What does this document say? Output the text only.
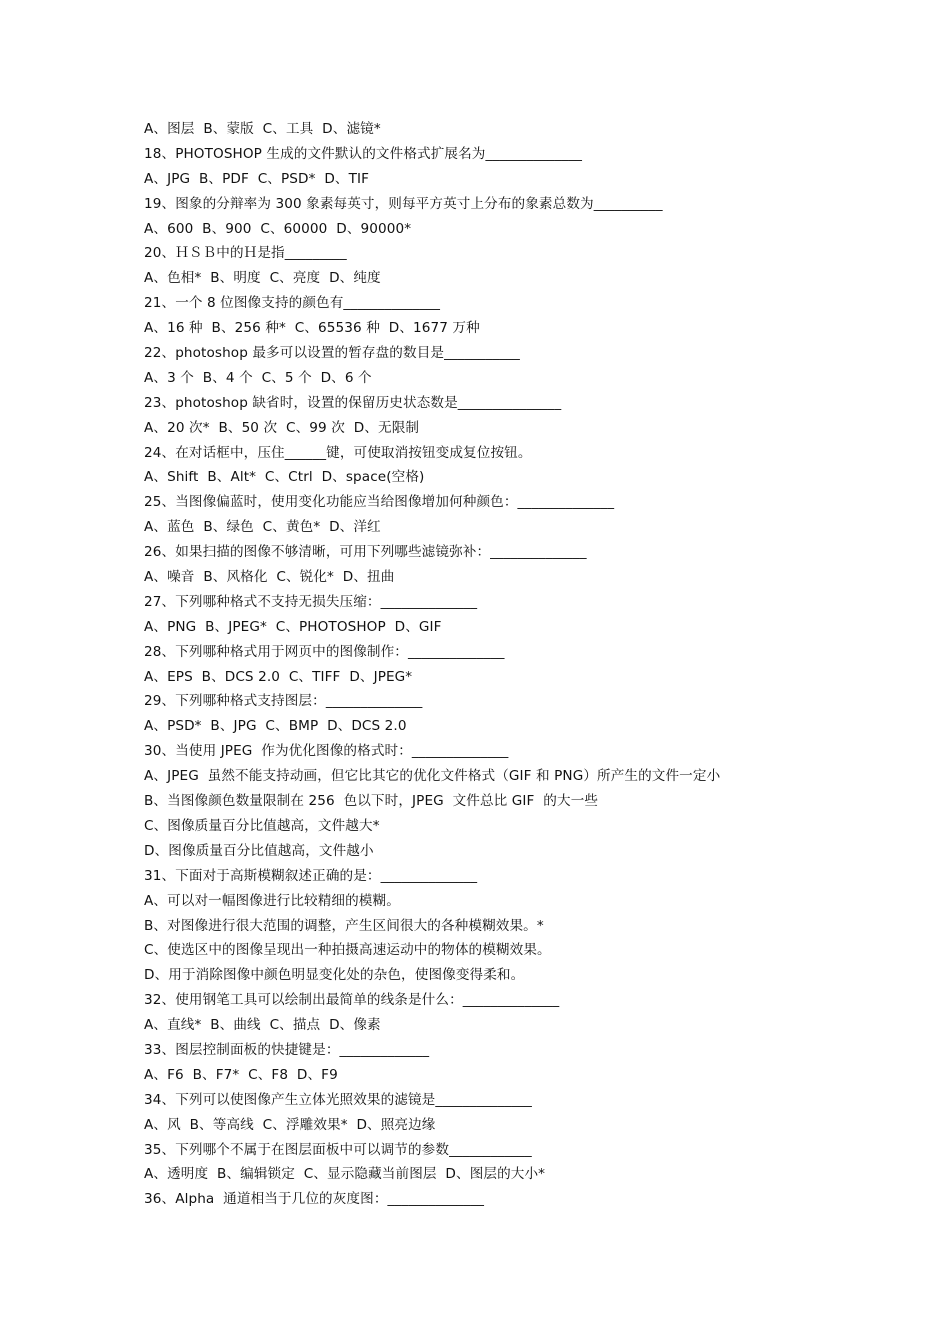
A、图层  B、蒙版  C、工具  D、滤镜*
18、PHOTOSHOP 生成的文件默认的文件格式扩展名为______________
A、JPG  B、PDF  C、PSD*  D、TIF
19、图象的分辩率为 300 象素每英寸，则每平方英寸上分布的象素总数为__________
A、600  B、900  C、60000  D、90000*
20、ＨＳＢ中的Ｈ是指_________
A、色相*  B、明度  C、亮度  D、纯度
21、一个 8 位图像支持的颜色有______________
A、16 种  B、256 种*  C、65536 种  D、1677 万种
22、photoshop 最多可以设置的暂存盘的数目是___________
A、3 个  B、4 个  C、5 个  D、6 个
23、photoshop 缺省时，设置的保留历史状态数是_______________
A、20 次*  B、50 次  C、99 次  D、无限制
24、在对话框中，压住______键，可使取消按钮变成复位按钮。
A、Shift  B、Alt*  C、Ctrl  D、space(空格)
25、当图像偏蓝时，使用变化功能应当给图像增加何种颜色：______________
A、蓝色  B、绿色  C、黄色*  D、洋红
26、如果扫描的图像不够清晰，可用下列哪些滤镜弥补：______________
A、噪音  B、风格化  C、锐化*  D、扭曲
27、下列哪种格式不支持无损失压缩：______________
A、PNG  B、JPEG*  C、PHOTOSHOP  D、GIF
28、下列哪种格式用于网页中的图像制作：______________
A、EPS  B、DCS 2.0  C、TIFF  D、JPEG*
29、下列哪种格式支持图层：______________
A、PSD*  B、JPG  C、BMP  D、DCS 2.0
30、当使用 JPEG  作为优化图像的格式时：______________
A、JPEG  虽然不能支持动画，但它比其它的优化文件格式（GIF 和 PNG）所产生的文件一定小
B、当图像颜色数量限制在 256  色以下时，JPEG  文件总比 GIF  的大一些
C、图像质量百分比值越高，文件越大*
D、图像质量百分比值越高，文件越小
31、下面对于高斯模糊叙述正确的是：______________
A、可以对一幅图像进行比较精细的模糊。
B、对图像进行很大范围的调整，产生区间很大的各种模糊效果。*
C、使选区中的图像呈现出一种拍摄高速运动中的物体的模糊效果。
D、用于消除图像中颜色明显变化处的杂色，使图像变得柔和。
32、使用钢笔工具可以绘制出最简单的线条是什么：______________
A、直线*  B、曲线  C、描点  D、像素
33、图层控制面板的快捷键是：_____________
A、F6  B、F7*  C、F8  D、F9
34、下列可以使图像产生立体光照效果的滤镜是______________
A、风  B、等高线  C、浮雕效果*  D、照亮边缘
35、下列哪个不属于在图层面板中可以调节的参数____________
A、透明度  B、编辑锁定  C、显示隐藏当前图层  D、图层的大小*
36、Alpha  通道相当于几位的灰度图：______________
